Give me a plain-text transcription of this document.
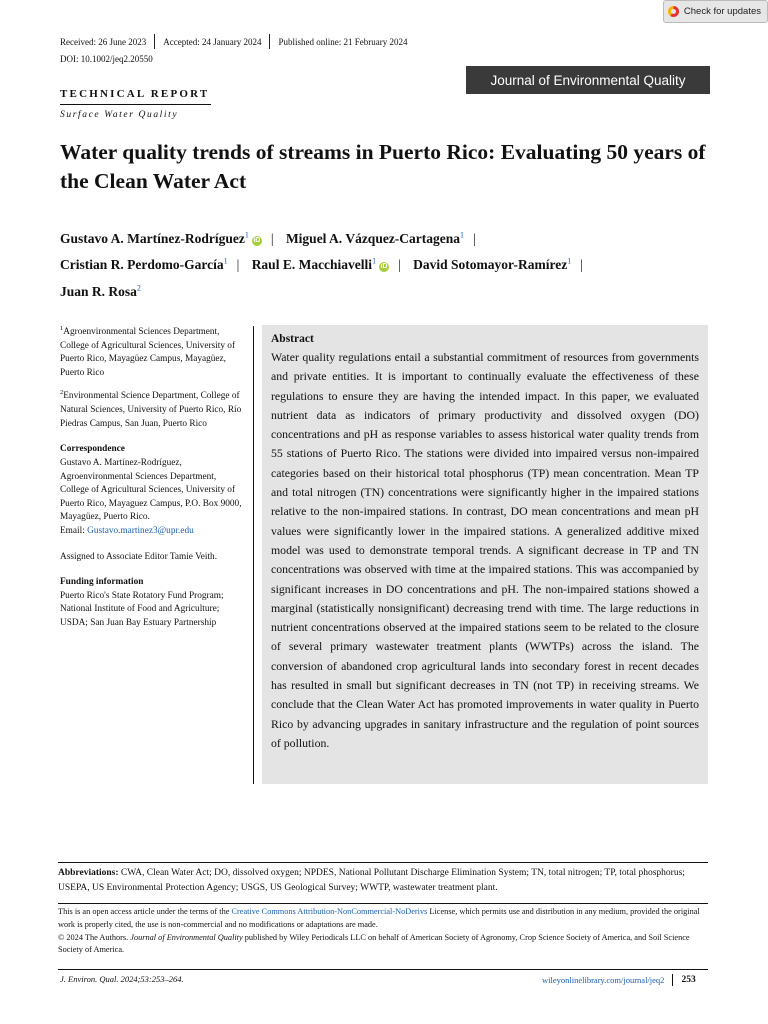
Received: 26 June 2023 Accepted: 24 January 2024 Published online: 21 February 2024
DOI: 10.1002/jeq2.20550
Check for updates
Journal of Environmental Quality
TECHNICAL REPORT
Surface Water Quality
Water quality trends of streams in Puerto Rico: Evaluating 50 years of the Clean Water Act
Gustavo A. Martínez-Rodríguez$^1$iD | Miguel A. Vázquez-Cartagena$^1$ |
Cristian R. Perdomo-García$^1$ | Raul E. Macchiavelli$^1$iD | David Sotomayor-Ramírez$^1$ |
Juan R. Rosa$^2$

$^1$Agroenvironmental Sciences Department, College of Agricultural Sciences, University of Puerto Rico, Mayagüez Campus, Mayagüez, Puerto Rico

$^2$Environmental Science Department, College of Natural Sciences, University of Puerto Rico, Río Piedras Campus, San Juan, Puerto Rico

Correspondence

Gustavo A. Martínez-Rodríguez, Agroenvironmental Sciences Department, College of Agricultural Sciences, University of Puerto Rico, Mayaguez Campus, P.O. Box 9000, Mayagüez, Puerto Rico.
Email: Gustavo.martinez3@upr.edu

Assigned to Associate Editor Tamie Veith.

Funding information

Puerto Rico's State Rotatory Fund Program; National Institute of Food and Agriculture; USDA; San Juan Bay Estuary Partnership

Abstract
Water quality regulations entail a substantial commitment of resources from governments and private entities. It is important to continually evaluate the effectiveness of these regulations to ensure they are having the intended impact. In this paper, we evaluated nutrient data as indicators of primary productivity and dissolved oxygen (DO) concentrations and pH as response variables to assess historical water quality trends from 55 stations of Puerto Rico. The stations were divided into impaired versus non-impaired categories based on their historical total phosphorus (TP) mean concentration. Mean TP and total nitrogen (TN) concentrations were significantly higher in the impaired stations relative to the non-impaired stations. In contrast, DO mean concentrations and mean pH values were significantly lower in the impaired stations. A generalized additive mixed model was used to demonstrate temporal trends. A significant decrease in TP and TN concentrations was observed with time at the impaired stations. This was accompanied by significant increases in DO concentrations and pH. The non-impaired stations showed a marginal (statistically nonsignificant) decreasing trend with time. The large reductions in nutrient concentrations observed at the impaired stations seem to be related to the closure of several primary wastewater treatment plants (WWTPs) across the island. The conversion of abandoned crop agricultural lands into secondary forest in recent decades has resulted in small but significant decreases in TN (not TP) in receiving streams. We conclude that the Clean Water Act has promoted improvements in water quality in Puerto Rico by advancing upgrades in sanitary infrastructure and the regulation of point sources of pollution.
Abbreviations: CWA, Clean Water Act; DO, dissolved oxygen; NPDES, National Pollutant Discharge Elimination System; TN, total nitrogen; TP, total phosphorus; USEPA, US Environmental Protection Agency; USGS, US Geological Survey; WWTP, wastewater treatment plant.
This is an open access article under the terms of the Creative Commons Attribution-NonCommercial-NoDerivs License, which permits use and distribution in any medium, provided the original work is properly cited, the use is non-commercial and no modifications or adaptations are made.
© 2024 The Authors. Journal of Environmental Quality published by Wiley Periodicals LLC on behalf of American Society of Agronomy, Crop Science Society of America, and Soil Science Society of America.
J. Environ. Qual. 2024;53:253–264.	wileyonlinelibrary.com/journal/jeq2 253
